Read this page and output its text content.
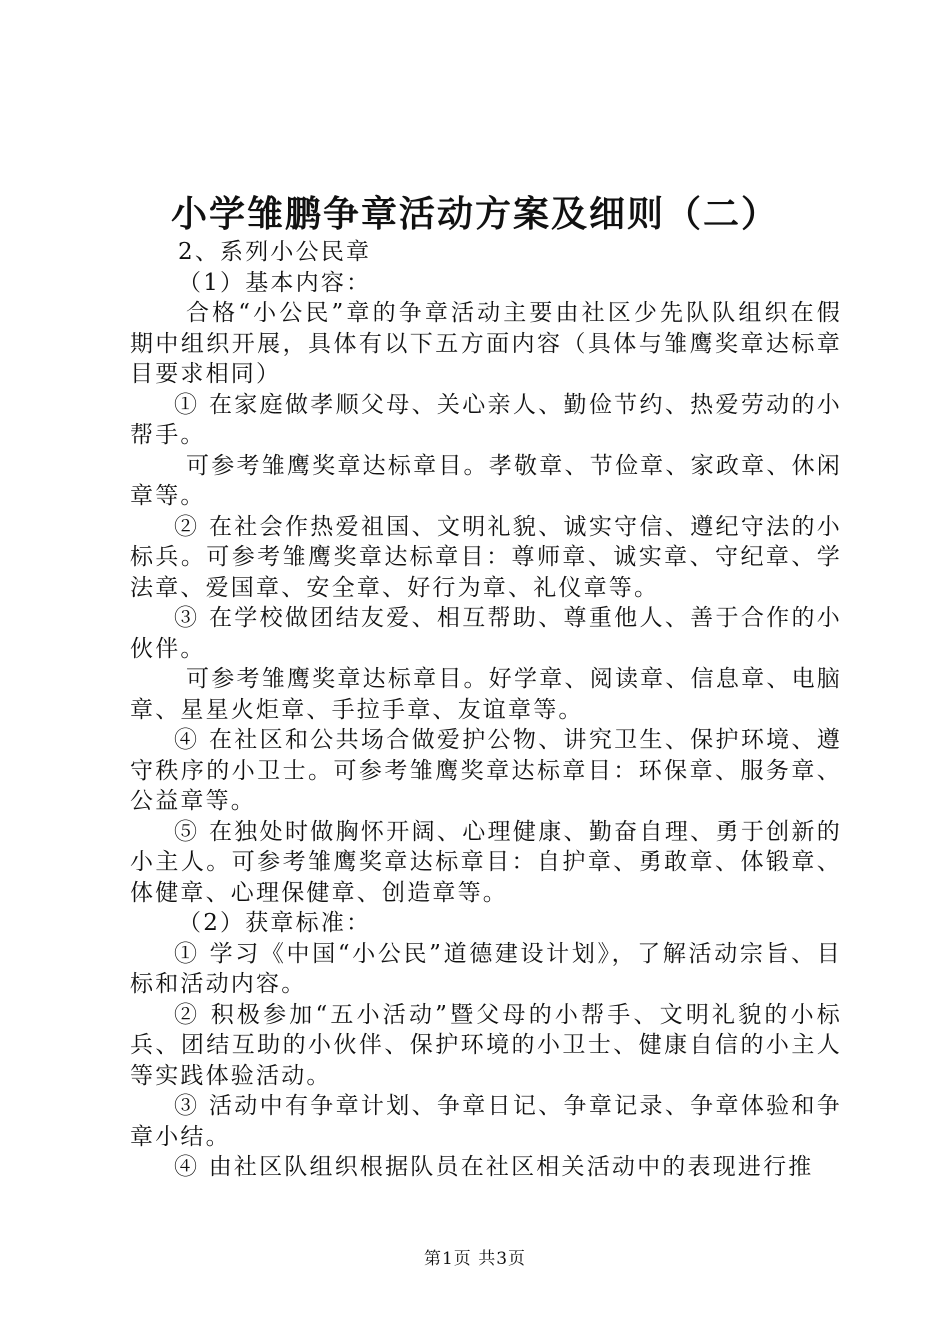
小学雏鹏争章活动方案及细则（二）

2、系列小公民章

（1）基本内容：

合格“小公民”章的争章活动主要由社区少先队队组织在假期中组织开展，具体有以下五方面内容（具体与雏鹰奖章达标章目要求相同）

① 在家庭做孝顺父母、关心亲人、勤俭节约、热爱劳动的小帮手。

可参考雏鹰奖章达标章目。孝敬章、节俭章、家政章、休闲章等。

② 在社会作热爱祖国、文明礼貌、诚实守信、遵纪守法的小标兵。可参考雏鹰奖章达标章目：尊师章、诚实章、守纪章、学法章、爱国章、安全章、好行为章、礼仪章等。

③ 在学校做团结友爱、相互帮助、尊重他人、善于合作的小伙伴。

可参考雏鹰奖章达标章目。好学章、阅读章、信息章、电脑章、星星火炬章、手拉手章、友谊章等。

④ 在社区和公共场合做爱护公物、讲究卫生、保护环境、遵守秩序的小卫士。可参考雏鹰奖章达标章目：环保章、服务章、公益章等。

⑤ 在独处时做胸怀开阔、心理健康、勤奋自理、勇于创新的小主人。可参考雏鹰奖章达标章目：自护章、勇敢章、体锻章、体健章、心理保健章、创造章等。

（2）获章标准：

① 学习《中国“小公民”道德建设计划》，了解活动宗旨、目标和活动内容。

② 积极参加“五小活动”暨父母的小帮手、文明礼貌的小标兵、团结互助的小伙伴、保护环境的小卫士、健康自信的小主人等实践体验活动。

③ 活动中有争章计划、争章日记、争章记录、争章体验和争章小结。

④ 由社区队组织根据队员在社区相关活动中的表现进行推

第1页 共3页
